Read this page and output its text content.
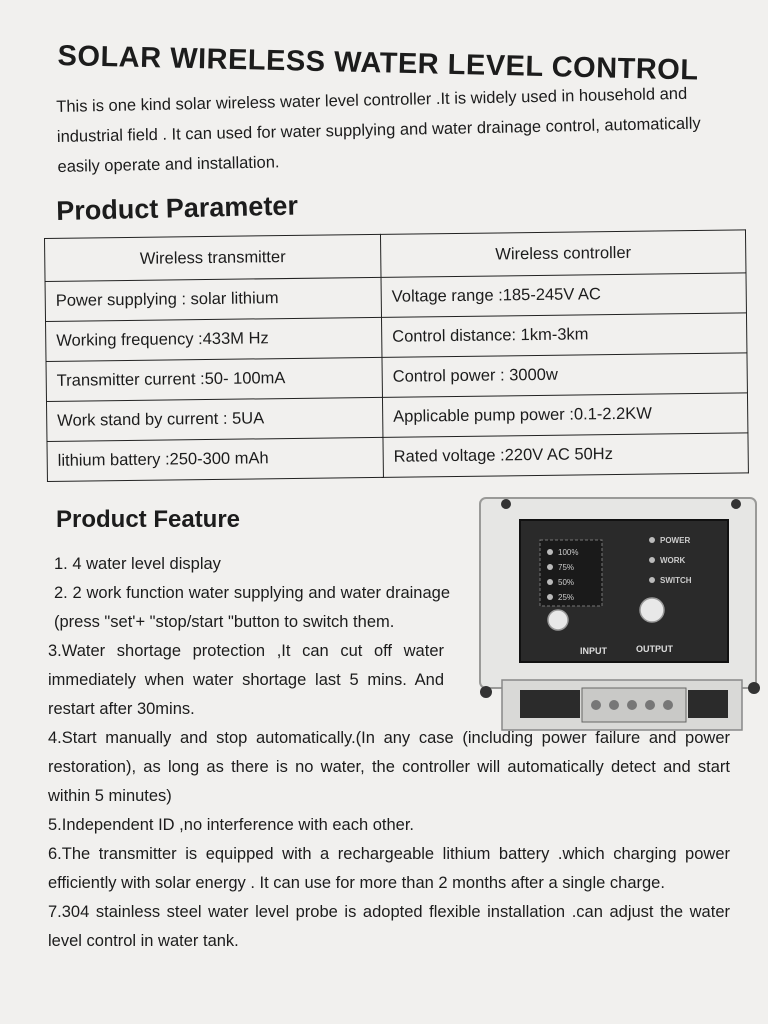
SOLAR WIRELESS WATER LEVEL CONTROL
This is one kind solar wireless water level controller .It is widely used in household and industrial field . It can used for water supplying and water drainage control, automatically easily operate and installation.
Product Parameter
Wireless transmitter	Wireless controller
Power supplying : solar lithium	Voltage range :185-245V AC
Working frequency :433M Hz	Control distance: 1km-3km
Transmitter current :50- 100mA	Control power : 3000w
Work stand by current : 5UA	Applicable pump power :0.1-2.2KW
lithium battery :250-300 mAh	Rated voltage :220V AC 50Hz
Product Feature
100%
75%
50%
25%
POWER
WORK
SWITCH
INPUT	OUTPUT

1. 4 water level display

2. 2 work function water supplying and water drainage (press "set'+ "stop/start "button to switch them.

3.Water shortage protection ,It can cut off water immediately when water shortage last 5 mins. And restart after 30mins.

4.Start manually and stop automatically.(In any case (including power failure and power restoration), as long as there is no water, the controller will automatically detect and start within 5 minutes)

5.Independent ID ,no interference with each other.

6.The transmitter is equipped with a rechargeable lithium battery .which charging power efficiently with solar energy . It can use for more than 2 months after a single charge.

7.304 stainless steel water level probe is adopted flexible installation .can adjust the water level control in water tank.
